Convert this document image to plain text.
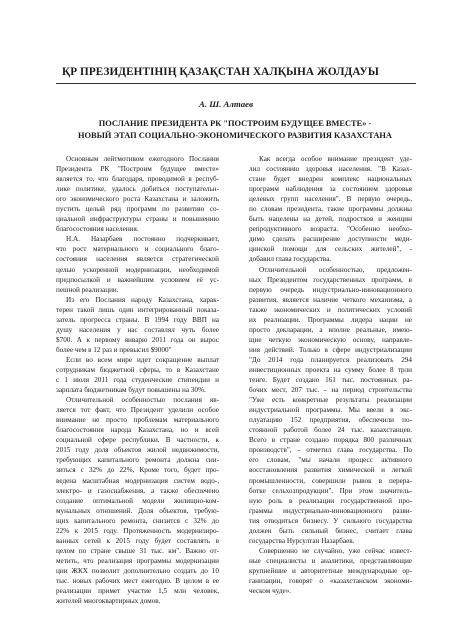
ҚР ПРЕЗИДЕНТІНІҢ ҚАЗАҚСТАН ХАЛҚЫНА ЖОЛДАУЫ
А. Ш. Алтаев
ПОСЛАНИЕ ПРЕЗИДЕНТА РК "ПОСТРОИМ БУДУЩЕЕ ВМЕСТЕ» -
НОВЫЙ ЭТАП СОЦИАЛЬНО-ЭКОНОМИЧЕСКОГО РАЗВИТИЯ КАЗАХСТАНА
Основным лейтмотивом ежегодного Послания
Президента РК "Построим будущее вместе»
является то, что благодаря, проводимой в респуб-
лике политике, удалось добиться поступательн-
ого экономического роста Казахстана и заложить
пустить целый ряд программ по развитию со-
циальной инфраструктуры страны и повышению
благосостояния населения.
Н.А. Назарбаев постоянно подчеркивает,
что рост материального и социального благо-
состояния населения является стратегической
целью ускоренной модернизации, необходимой
предпосылкой и важнейшим условием её ус-
пешной реализации.
Из его Послания народу Казахстана, харак-
терен такой лишь один интегрированный показа-
затель прогресса страны. В 1994 году ВВП на
душу населения у нас составлял чуть более
$700. А к первому январю 2011 года он вырос
более чем в 12 раз и превысил $9000"
Если во всем мире идет сокращение выплат
сотрудникам бюджетной сферы, то в Казахстане
с 1 июля 2011 года студенческие стипендии и
зарплата бюджетникам будут повышены на 30%.
Отличительной особенностью послания яв-
ляется тот факт, что Президент уделили особое
внимание не просто проблемам материального
благосостояния народа Казахстана, но и всей
социальной сфере республики. В частности, к
2015 году доля объектов жилой недвижимости,
требующих капитального ремонта должна сни-
зиться с 32% до 22%, Кроме того, будет про-
ведена масштабная модернизация систем водо-,
электро- и газоснабжения, а также обеспечено
создание оптимальной модели жилищно-ком-
мунальных отношений. Доля объектов, требую-
щих капитального ремонта, снизится с 32% до
22% к 2015 году. Протяженность модернизиро-
ванных сетей к 2015 году будет составлять в
целом по стране свыше 31 тыс. км". Важно от-
метить, что реализация программы модернизации
ции ЖКХ позволит дополнительно создать до 10
тыс. новых рабочих мест ежегодно. В целом в ее
реализации примет участие 1,5 млн человек,
жителей многоквартирных домов.
Как всегда особое внимание президент уде-
лил состоянию здоровья населения. "В Казах-
стане будет внедрен комплекс национальных
программ наблюдения за состоянием здоровья
целевых групп населения". В первую очередь,
по словам президента, такие программы должны
быть нацелены на детей, подростков и женщин
репродуктивного возраста. "Особенно необхо-
димо сделать расширение доступности меди-
цинской помощи для сельских жителей", -
добавил глава государства.
Отличительной особенностью, предложен-
ных Президентом государственных программ, в
первую очередь индустриально-инновационного
развития, является наличие четкого механизма, а
также экономических и политических условий
их реализации. Программы лидера нации не
просто декларации, а вполне реальные, имею-
щие четкую экономическую основу, направле-
ния действий. Только в сфере индустриализации
"До 2014 года планируется реализовать 294
инвестиционных проекта на сумму более 8 трлн
тенге. Будет создано 161 тыс. постоянных ра-
бочих мест, 207 тыс. – на период строительства
"Уже есть конкретные результаты реализации
индустриальной программы. Мы ввели в экс-
плуатацию 152 предприятия, обеспечили по-
стоянной работой более 24 тыс. казахстанцев.
Всего в стране создано порядка 800 различных
производств", - отметил глава государства. По
его словам, "мы начали процесс активного
восстановления развития химической и легкой
промышленности, совершили рывок в перера-
ботке сельхозпродукции". При этом значитель-
ную роль в реализации государственной про-
граммы индустриально-инновационного разви-
тия отводиться бизнесу. У сильного государства
должен быть сильный бизнес, считает глава
государства Нурсултан Назарбаев.
Совершенно не случайно, уже сейчас извест-
ные специалисты и аналитики, представляющие
крупнейшие и авторитетные международные ор-
ганизации, говорят о «казахстанском экономи-
ческом чуде».
